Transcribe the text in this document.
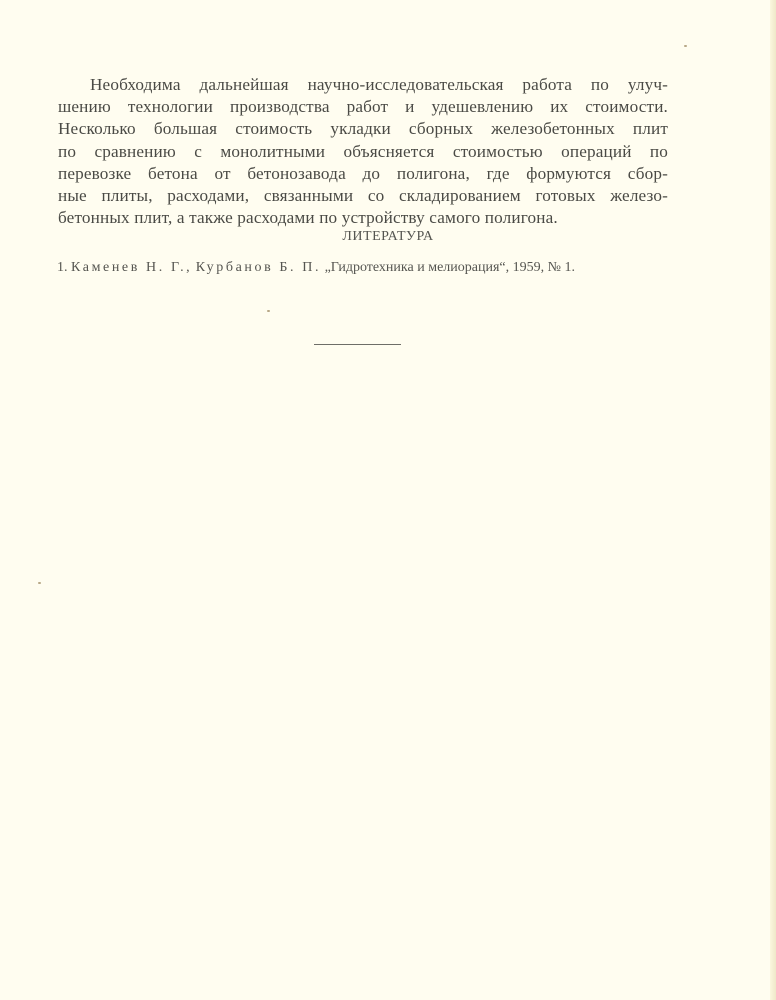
Необходима дальнейшая научно-исследовательская работа по улуч-
шению технологии производства работ и удешевлению их стоимости.
Несколько большая стоимость укладки сборных железобетонных плит
по сравнению с монолитными объясняется стоимостью операций по
перевозке бетона от бетонозавода до полигона, где формуются сбор-
ные плиты, расходами, связанными со складированием готовых железо-
бетонных плит, а также расходами по устройству самого полигона.
ЛИТЕРАТУРА
1. Каменев Н. Г., Курбанов Б. П. „Гидротехника и мелиорация“, 1959, № 1.
